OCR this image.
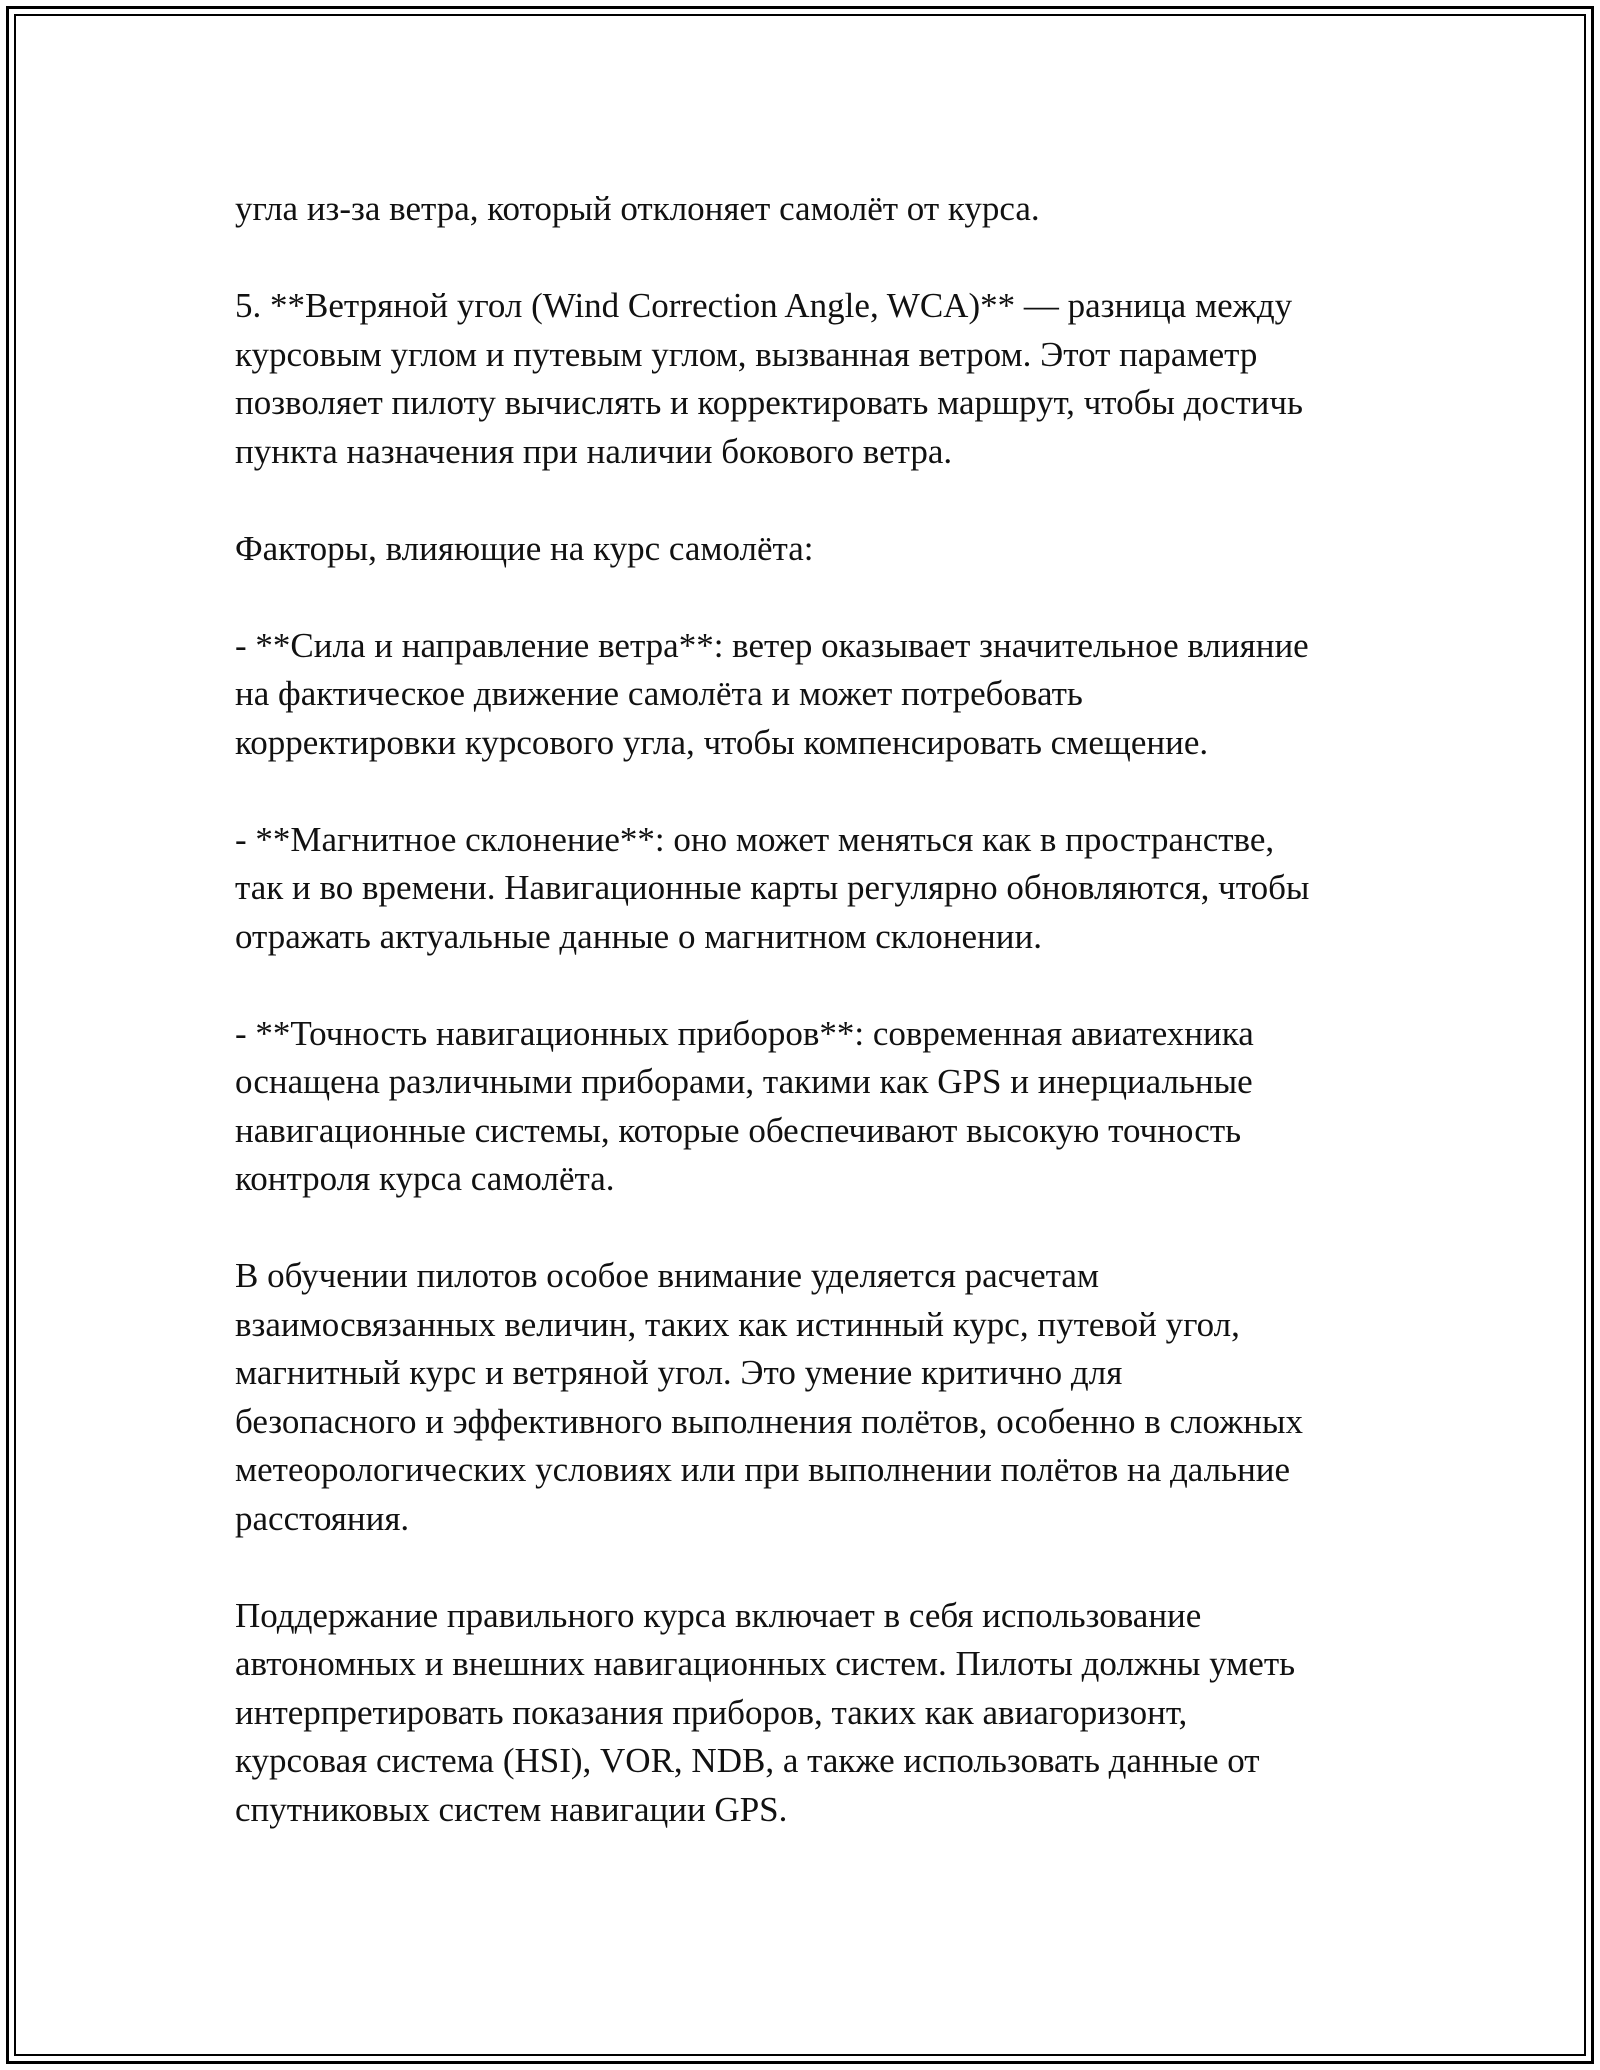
угла из-за ветра, который отклоняет самолёт от курса.

5. **Ветряной угол (Wind Correction Angle, WCA)** — разница между
курсовым углом и путевым углом, вызванная ветром. Этот параметр
позволяет пилоту вычислять и корректировать маршрут, чтобы достичь
пункта назначения при наличии бокового ветра.

Факторы, влияющие на курс самолёта:

- **Сила и направление ветра**: ветер оказывает значительное влияние
на фактическое движение самолёта и может потребовать
корректировки курсового угла, чтобы компенсировать смещение.

- **Магнитное склонение**: оно может меняться как в пространстве,
так и во времени. Навигационные карты регулярно обновляются, чтобы
отражать актуальные данные о магнитном склонении.

- **Точность навигационных приборов**: современная авиатехника
оснащена различными приборами, такими как GPS и инерциальные
навигационные системы, которые обеспечивают высокую точность
контроля курса самолёта.

В обучении пилотов особое внимание уделяется расчетам
взаимосвязанных величин, таких как истинный курс, путевой угол,
магнитный курс и ветряной угол. Это умение критично для
безопасного и эффективного выполнения полётов, особенно в сложных
метеорологических условиях или при выполнении полётов на дальние
расстояния.

Поддержание правильного курса включает в себя использование
автономных и внешних навигационных систем. Пилоты должны уметь
интерпретировать показания приборов, таких как авиагоризонт,
курсовая система (HSI), VOR, NDB, а также использовать данные от
спутниковых систем навигации GPS.
